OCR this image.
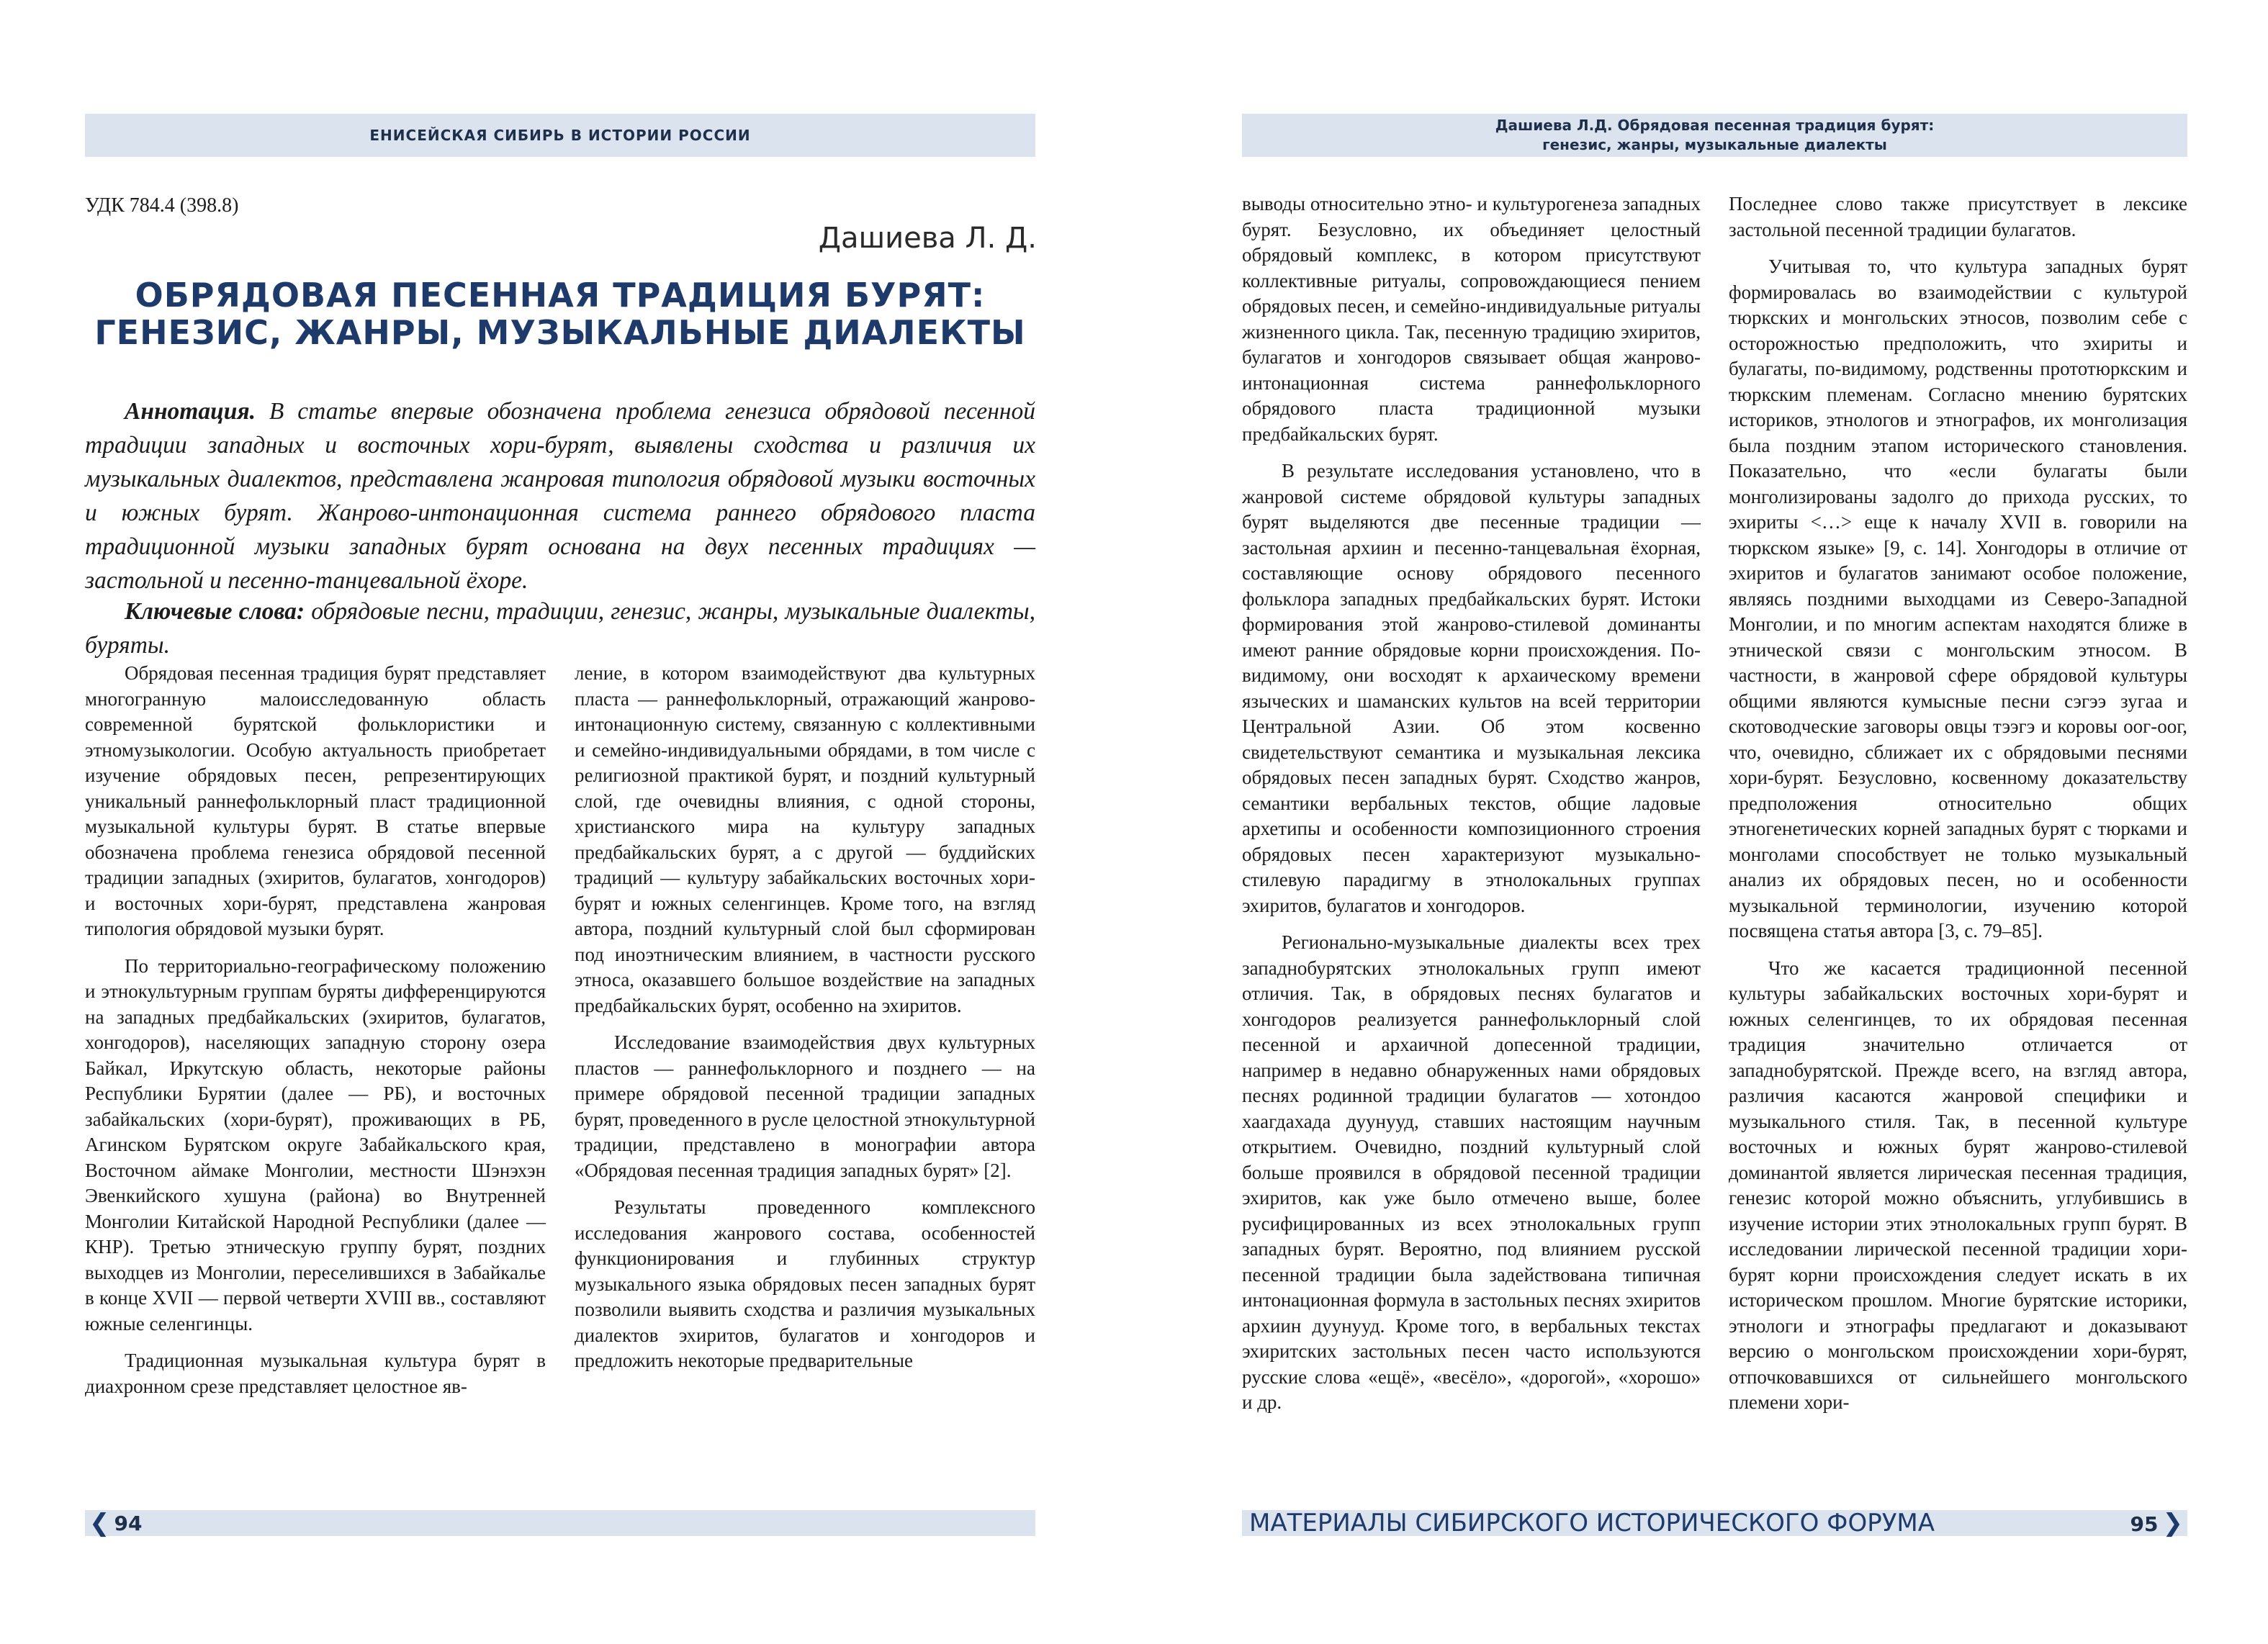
ЕНИСЕЙСКАЯ СИБИРЬ В ИСТОРИИ РОССИИ
УДК 784.4 (398.8)
Дашиева Л. Д.
ОБРЯДОВАЯ ПЕСЕННАЯ ТРАДИЦИЯ БУРЯТ: ГЕНЕЗИС, ЖАНРЫ, МУЗЫКАЛЬНЫЕ ДИАЛЕКТЫ
Аннотация. В статье впервые обозначена проблема генезиса обрядовой песенной традиции западных и восточных хори-бурят, выявлены сходства и различия их музыкальных диалектов, представлена жанровая типология обрядовой музыки восточных и южных бурят. Жанрово-интонационная система раннего обрядового пласта традиционной музыки западных бурят основана на двух песенных традициях — застольной и песенно-танцевальной ёхоре.
Ключевые слова: обрядовые песни, традиции, генезис, жанры, музыкальные диалекты, буряты.

Обрядовая песенная традиция бурят представляет многогранную малоисследованную область современной бурятской фольклористики и этномузыкологии. Особую актуальность приобретает изучение обрядовых песен, репрезентирующих уникальный раннефольклорный пласт традиционной музыкальной культуры бурят. В статье впервые обозначена проблема генезиса обрядовой песенной традиции западных (эхиритов, булагатов, хонгодоров) и восточных хори-бурят, представлена жанровая типология обрядовой музыки бурят.

По территориально-географическому положению и этнокультурным группам буряты дифференцируются на западных предбайкальских (эхиритов, булагатов, хонгодоров), населяющих западную сторону озера Байкал, Иркутскую область, некоторые районы Республики Бурятии (далее — РБ), и восточных забайкальских (хори-бурят), проживающих в РБ, Агинском Бурятском округе Забайкальского края, Восточном аймаке Монголии, местности Шэнэхэн Эвенкийского хушуна (района) во Внутренней Монголии Китайской Народной Республики (далее — КНР). Третью этническую группу бурят, поздних выходцев из Монголии, переселившихся в Забайкалье в конце XVII — первой четверти XVIII вв., составляют южные селенгинцы.

Традиционная музыкальная культура бурят в диахронном срезе представляет целостное яв-

ление, в котором взаимодействуют два культурных пласта — раннефольклорный, отражающий жанрово-интонационную систему, связанную с коллективными и семейно-индивидуальными обрядами, в том числе с религиозной практикой бурят, и поздний культурный слой, где очевидны влияния, с одной стороны, христианского мира на культуру западных предбайкальских бурят, а с другой — буддийских традиций — культуру забайкальских восточных хори-бурят и южных селенгинцев. Кроме того, на взгляд автора, поздний культурный слой был сформирован под иноэтническим влиянием, в частности русского этноса, оказавшего большое воздействие на западных предбайкальских бурят, особенно на эхиритов.

Исследование взаимодействия двух культурных пластов — раннефольклорного и позднего — на примере обрядовой песенной традиции западных бурят, проведенного в русле целостной этнокультурной традиции, представлено в монографии автора «Обрядовая песенная традиция западных бурят» [2].

Результаты проведенного комплексного исследования жанрового состава, особенностей функционирования и глубинных структур музыкального языка обрядовых песен западных бурят позволили выявить сходства и различия музыкальных диалектов эхиритов, булагатов и хонгодоров и предложить некоторые предварительные

❮ 94
Дашиева Л.Д. Обрядовая песенная традиция бурят:
генезис, жанры, музыкальные диалекты

выводы относительно этно- и культурогенеза западных бурят. Безусловно, их объединяет целостный обрядовый комплекс, в котором присутствуют коллективные ритуалы, сопровождающиеся пением обрядовых песен, и семейно-индивидуальные ритуалы жизненного цикла. Так, песенную традицию эхиритов, булагатов и хонгодоров связывает общая жанрово-интонационная система раннефольклорного обрядового пласта традиционной музыки предбайкальских бурят.

В результате исследования установлено, что в жанровой системе обрядовой культуры западных бурят выделяются две песенные традиции — застольная архиин и песенно-танцевальная ёхорная, составляющие основу обрядового песенного фольклора западных предбайкальских бурят. Истоки формирования этой жанрово-стилевой доминанты имеют ранние обрядовые корни происхождения. По-видимому, они восходят к архаическому времени языческих и шаманских культов на всей территории Центральной Азии. Об этом косвенно свидетельствуют семантика и музыкальная лексика обрядовых песен западных бурят. Сходство жанров, семантики вербальных текстов, общие ладовые архетипы и особенности композиционного строения обрядовых песен характеризуют музыкально-стилевую парадигму в этнолокальных группах эхиритов, булагатов и хонгодоров.

Регионально-музыкальные диалекты всех трех западнобурятских этнолокальных групп имеют отличия. Так, в обрядовых песнях булагатов и хонгодоров реализуется раннефольклорный слой песенной и архаичной допесенной традиции, например в недавно обнаруженных нами обрядовых песнях родинной традиции булагатов — хотондоо хаагдахада дуунууд, ставших настоящим научным открытием. Очевидно, поздний культурный слой больше проявился в обрядовой песенной традиции эхиритов, как уже было отмечено выше, более русифицированных из всех этнолокальных групп западных бурят. Вероятно, под влиянием русской песенной традиции была задействована типичная интонационная формула в застольных песнях эхиритов архиин дуунууд. Кроме того, в вербальных текстах эхиритских застольных песен часто используются русские слова «ещё», «весёло», «дорогой», «хорошо» и др.

Последнее слово также присутствует в лексике застольной песенной традиции булагатов.

Учитывая то, что культура западных бурят формировалась во взаимодействии с культурой тюркских и монгольских этносов, позволим себе с осторожностью предположить, что эхириты и булагаты, по-видимому, родственны прототюркским и тюркским племенам. Согласно мнению бурятских историков, этнологов и этнографов, их монголизация была поздним этапом исторического становления. Показательно, что «если булагаты были монголизированы задолго до прихода русских, то эхириты <…> еще к началу XVII в. говорили на тюркском языке» [9, с. 14]. Хонгодоры в отличие от эхиритов и булагатов занимают особое положение, являясь поздними выходцами из Северо-Западной Монголии, и по многим аспектам находятся ближе в этнической связи с монгольским этносом. В частности, в жанровой сфере обрядовой культуры общими являются кумысные песни сэгээ зугаа и скотоводческие заговоры овцы тээгэ и коровы оог-оог, что, очевидно, сближает их с обрядовыми песнями хори-бурят. Безусловно, косвенному доказательству предположения относительно общих этногенетических корней западных бурят с тюрками и монголами способствует не только музыкальный анализ их обрядовых песен, но и особенности музыкальной терминологии, изучению которой посвящена статья автора [3, с. 79–85].

Что же касается традиционной песенной культуры забайкальских восточных хори-бурят и южных селенгинцев, то их обрядовая песенная традиция значительно отличается от западнобурятской. Прежде всего, на взгляд автора, различия касаются жанровой специфики и музыкального стиля. Так, в песенной культуре восточных и южных бурят жанрово-стилевой доминантой является лирическая песенная традиция, генезис которой можно объяснить, углубившись в изучение истории этих этнолокальных групп бурят. В исследовании лирической песенной традиции хори-бурят корни происхождения следует искать в их историческом прошлом. Многие бурятские историки, этнологи и этнографы предлагают и доказывают версию о монгольском происхождении хори-бурят, отпочковавшихся от сильнейшего монгольского племени хори-

МАТЕРИАЛЫ СИБИРСКОГО ИСТОРИЧЕСКОГО ФОРУМА	95 ❯
